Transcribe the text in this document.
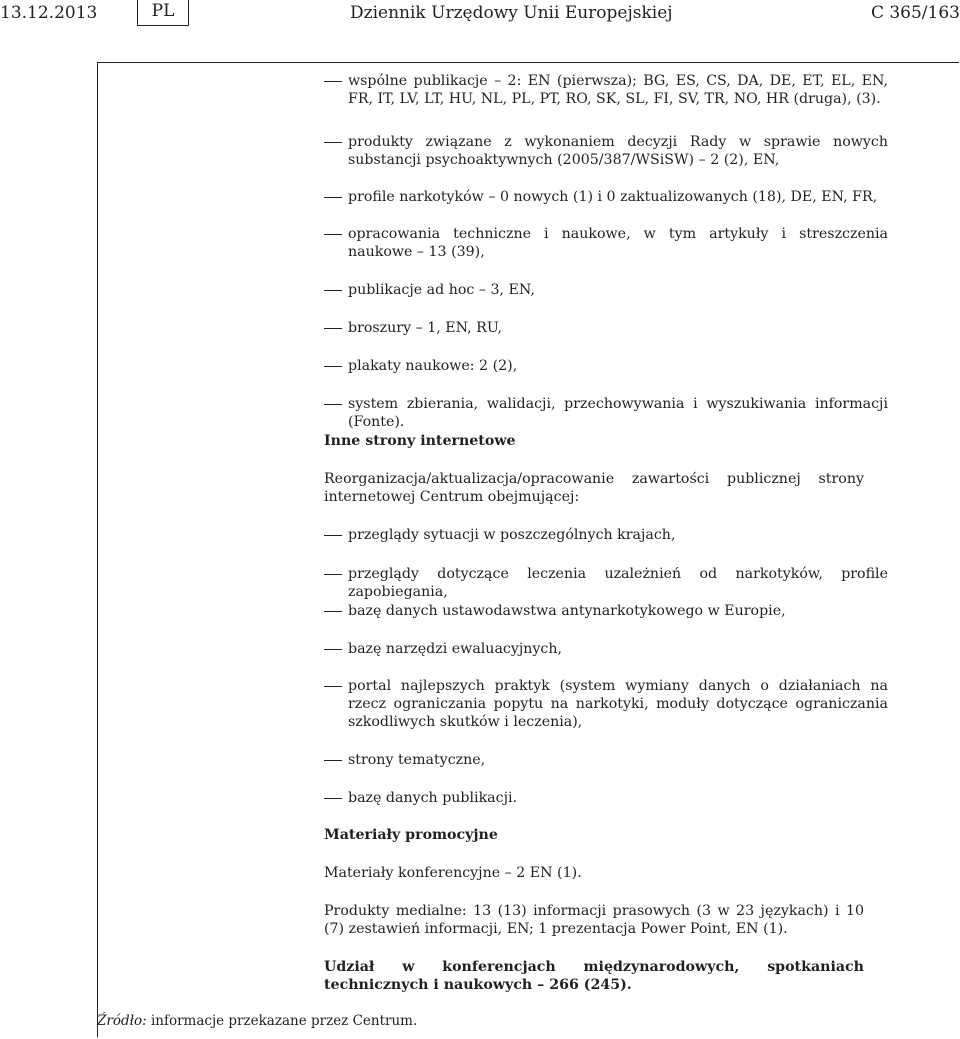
13.12.2013	PL	Dziennik Urzędowy Unii Europejskiej	C 365/163
wspólne publikacje – 2: EN (pierwsza); BG, ES, CS, DA, DE, ET, EL, EN, FR, IT, LV, LT, HU, NL, PL, PT, RO, SK, SL, FI, SV, TR, NO, HR (druga), (3).
produkty związane z wykonaniem decyzji Rady w sprawie nowych substancji psychoaktywnych (2005/387/WSiSW) – 2 (2), EN,
profile narkotyków – 0 nowych (1) i 0 zaktualizowanych (18), DE, EN, FR,
opracowania techniczne i naukowe, w tym artykuły i streszczenia naukowe – 13 (39),
publikacje ad hoc – 3, EN,
broszury – 1, EN, RU,
plakaty naukowe: 2 (2),
system zbierania, walidacji, przechowywania i wyszukiwania informacji (Fonte).
Inne strony internetowe
Reorganizacja/aktualizacja/opracowanie zawartości publicznej strony internetowej Centrum obejmującej:
przeglądy sytuacji w poszczególnych krajach,
przeglądy dotyczące leczenia uzależnień od narkotyków, profile zapobiegania,
bazę danych ustawodawstwa antynarkotykowego w Europie,
bazę narzędzi ewaluacyjnych,
portal najlepszych praktyk (system wymiany danych o działaniach na rzecz ograniczania popytu na narkotyki, moduły dotyczące ograniczania szkodliwych skutków i leczenia),
strony tematyczne,
bazę danych publikacji.
Materiały promocyjne
Materiały konferencyjne – 2 EN (1).
Produkty medialne: 13 (13) informacji prasowych (3 w 23 językach) i 10 (7) zestawień informacji, EN; 1 prezentacja Power Point, EN (1).
Udział w konferencjach międzynarodowych, spotkaniach technicznych i naukowych – 266 (245).
Źródło: informacje przekazane przez Centrum.
